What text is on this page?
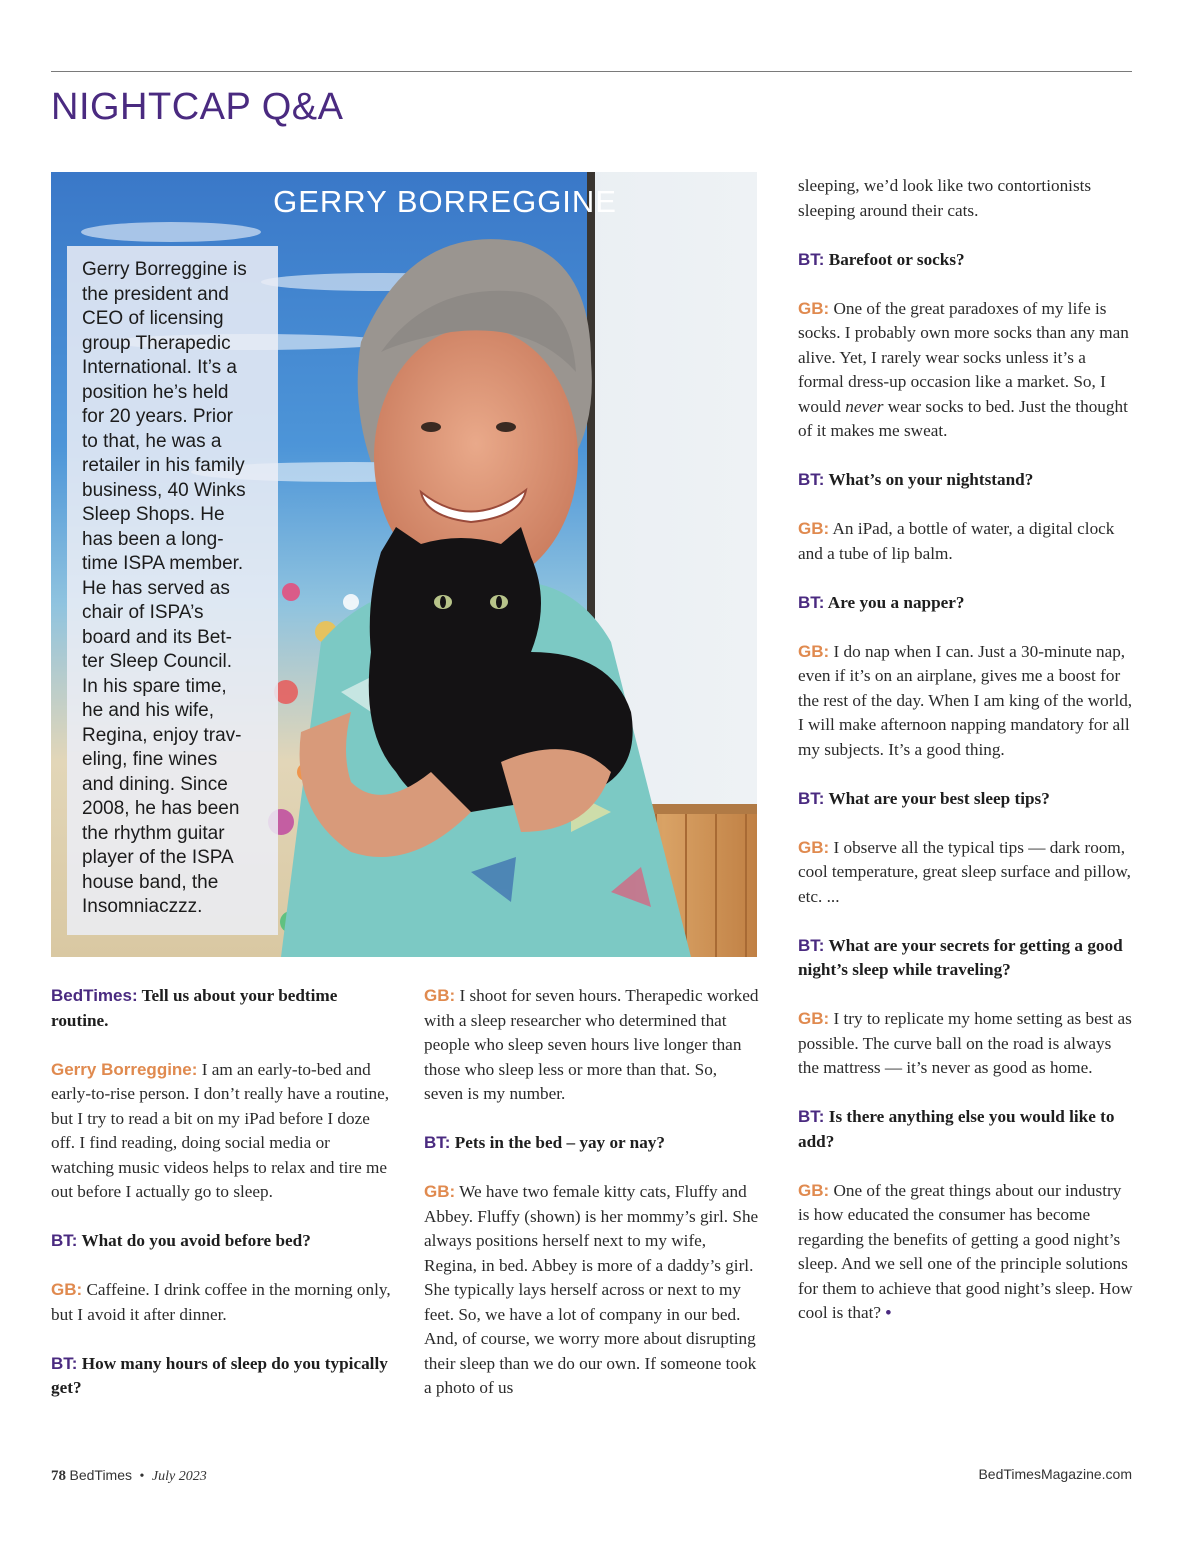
NIGHTCAP Q&A
GERRY BORREGGINE
Gerry Borreggine is
the president and
CEO of licensing
group Therapedic
International. It’s a
position he’s held
for 20 years. Prior
to that, he was a
retailer in his family
business, 40 Winks
Sleep Shops. He
has been a long-
time ISPA member.
He has served as
chair of ISPA’s
board and its Bet-
ter Sleep Council.
In his spare time,
he and his wife,
Regina, enjoy trav-
eling, fine wines
and dining. Since
2008, he has been
the rhythm guitar
player of the ISPA
house band, the
Insomniaczzz.

BedTimes: Tell us about your bedtime routine.

Gerry Borreggine: I am an early-to-bed and early-to-rise person. I don’t really have a routine, but I try to read a bit on my iPad before I doze off. I find reading, doing social media or watching music videos helps to relax and tire me out before I actually go to sleep.

BT: What do you avoid before bed?

GB: Caffeine. I drink coffee in the morning only, but I avoid it after dinner.

BT: How many hours of sleep do you typically get?

GB: I shoot for seven hours. Therapedic worked with a sleep researcher who determined that people who sleep seven hours live longer than those who sleep less or more than that. So, seven is my number.

BT: Pets in the bed – yay or nay?

GB: We have two female kitty cats, Fluffy and Abbey. Fluffy (shown) is her mommy’s girl. She always positions herself next to my wife, Regina, in bed. Abbey is more of a daddy’s girl. She typically lays herself across or next to my feet. So, we have a lot of company in our bed. And, of course, we worry more about disrupting their sleep than we do our own. If someone took a photo of us

sleeping, we’d look like two contortionists sleeping around their cats.

BT: Barefoot or socks?

GB: One of the great paradoxes of my life is socks. I probably own more socks than any man alive. Yet, I rarely wear socks unless it’s a formal dress-up occasion like a market. So, I would never wear socks to bed. Just the thought of it makes me sweat.

BT: What’s on your nightstand?

GB: An iPad, a bottle of water, a digital clock and a tube of lip balm.

BT: Are you a napper?

GB: I do nap when I can. Just a 30-minute nap, even if it’s on an airplane, gives me a boost for the rest of the day. When I am king of the world, I will make afternoon napping mandatory for all my subjects. It’s a good thing.

BT: What are your best sleep tips?

GB: I observe all the typical tips — dark room, cool temperature, great sleep surface and pillow, etc. ...

BT: What are your secrets for getting a good night’s sleep while traveling?

GB: I try to replicate my home setting as best as possible. The curve ball on the road is always the mattress — it’s never as good as home.

BT: Is there anything else you would like to add?

GB: One of the great things about our industry is how educated the consumer has become regarding the benefits of getting a good night’s sleep. And we sell one of the principle solutions for them to achieve that good night’s sleep. How cool is that? •

78 BedTimes • July 2023	BedTimesMagazine.com
